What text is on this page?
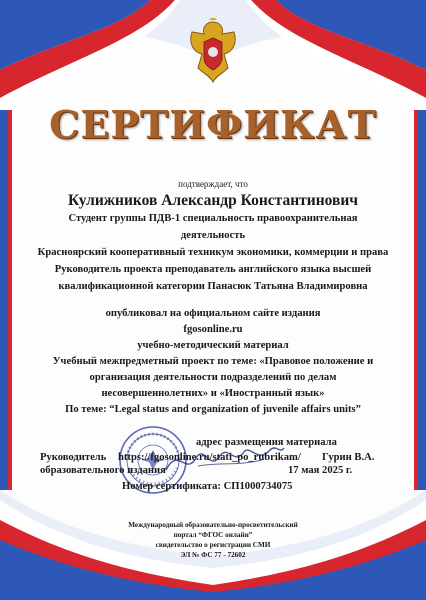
СЕРТИФИКАТ
подтверждает, что
Кулижников Александр Константинович
Студент группы ПДВ-1 специальность правоохранительная
деятельность
Красноярский кооперативный техникум экономики, коммерции и права
Руководитель проекта преподаватель английского языка высшей
квалификационной категории Панасюк Татьяна Владимировна
опубликовал на официальном сайте издания
fgosonline.ru
учебно-методический материал
Учебный межпредметный проект по теме: «Правовое положение и
организация деятельности подразделений по делам
несовершеннолетних» и «Иностранный язык»
По теме: “Legal status and organization of juvenile affairs units”
адрес размещения материала
Руководитель
образовательного издания
https://fgosonline.ru/stati_po_rubrikam/ Гурин В.А.
17 мая 2025 г.
Номер сертификата: СП1000734075
Международный образовательно-просветительский
портал “ФГОС онлайн”
свидетельство о регистрации СМИ
ЭЛ № ФС 77 - 72602
